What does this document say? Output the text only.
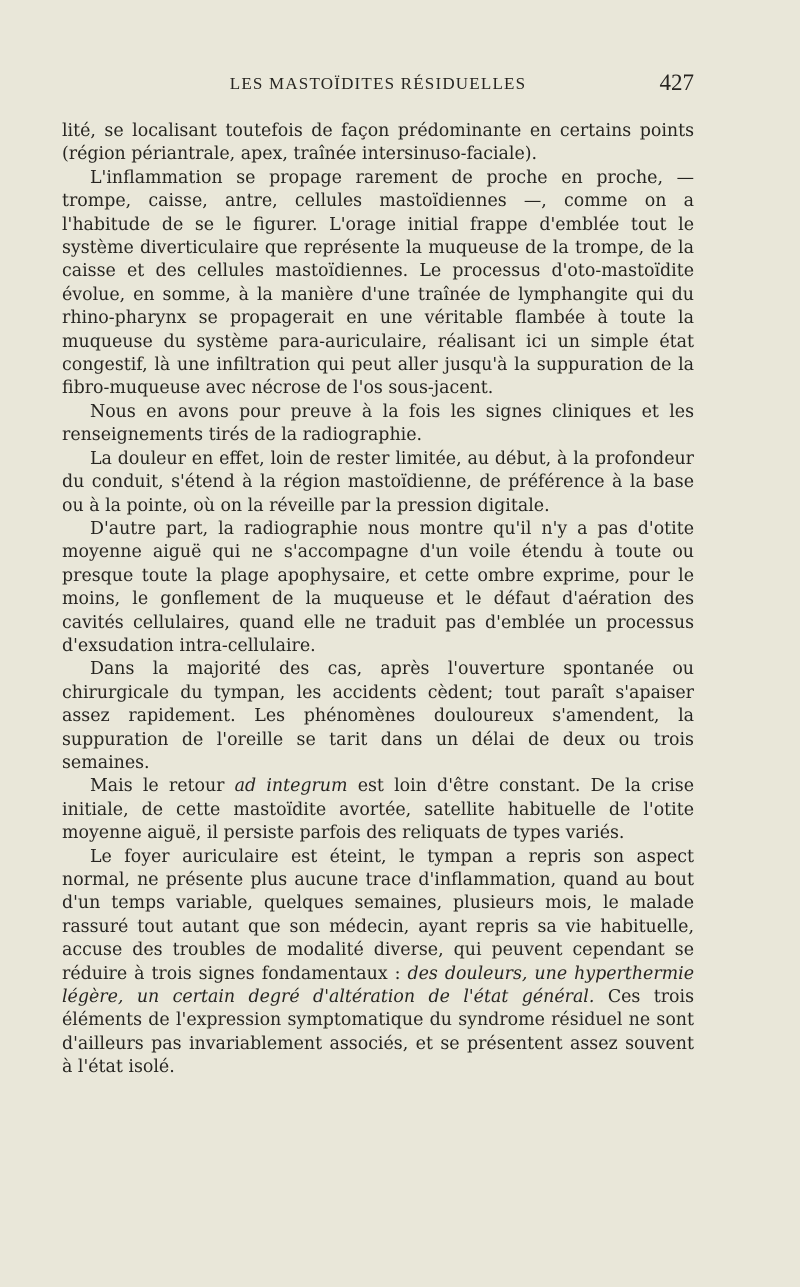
LES MASTOÏDITES RÉSIDUELLES	427

lité, se localisant toutefois de façon prédominante en certains points (région périantrale, apex, traînée intersinuso-faciale).

L'inflammation se propage rarement de proche en proche, — trompe, caisse, antre, cellules mastoïdiennes —, comme on a l'habitude de se le figurer. L'orage initial frappe d'emblée tout le système diverticulaire que représente la muqueuse de la trompe, de la caisse et des cellules mastoïdiennes. Le processus d'oto-mastoïdite évolue, en somme, à la manière d'une traînée de lymphangite qui du rhino-pharynx se propagerait en une véritable flambée à toute la muqueuse du système para-auriculaire, réalisant ici un simple état congestif, là une infiltration qui peut aller jusqu'à la suppuration de la fibro-muqueuse avec nécrose de l'os sous-jacent.

Nous en avons pour preuve à la fois les signes cliniques et les renseignements tirés de la radiographie.

La douleur en effet, loin de rester limitée, au début, à la profondeur du conduit, s'étend à la région mastoïdienne, de préférence à la base ou à la pointe, où on la réveille par la pression digitale.

D'autre part, la radiographie nous montre qu'il n'y a pas d'otite moyenne aiguë qui ne s'accompagne d'un voile étendu à toute ou presque toute la plage apophysaire, et cette ombre exprime, pour le moins, le gonflement de la muqueuse et le défaut d'aération des cavités cellulaires, quand elle ne traduit pas d'emblée un processus d'exsudation intra-cellulaire.

Dans la majorité des cas, après l'ouverture spontanée ou chirurgicale du tympan, les accidents cèdent; tout paraît s'apaiser assez rapidement. Les phénomènes douloureux s'amendent, la suppuration de l'oreille se tarit dans un délai de deux ou trois semaines.

Mais le retour ad integrum est loin d'être constant. De la crise initiale, de cette mastoïdite avortée, satellite habituelle de l'otite moyenne aiguë, il persiste parfois des reliquats de types variés.

Le foyer auriculaire est éteint, le tympan a repris son aspect normal, ne présente plus aucune trace d'inflammation, quand au bout d'un temps variable, quelques semaines, plusieurs mois, le malade rassuré tout autant que son médecin, ayant repris sa vie habituelle, accuse des troubles de modalité diverse, qui peuvent cependant se réduire à trois signes fondamentaux : des douleurs, une hyperthermie légère, un certain degré d'altération de l'état général. Ces trois éléments de l'expression symptomatique du syndrome résiduel ne sont d'ailleurs pas invariablement associés, et se présentent assez souvent à l'état isolé.
